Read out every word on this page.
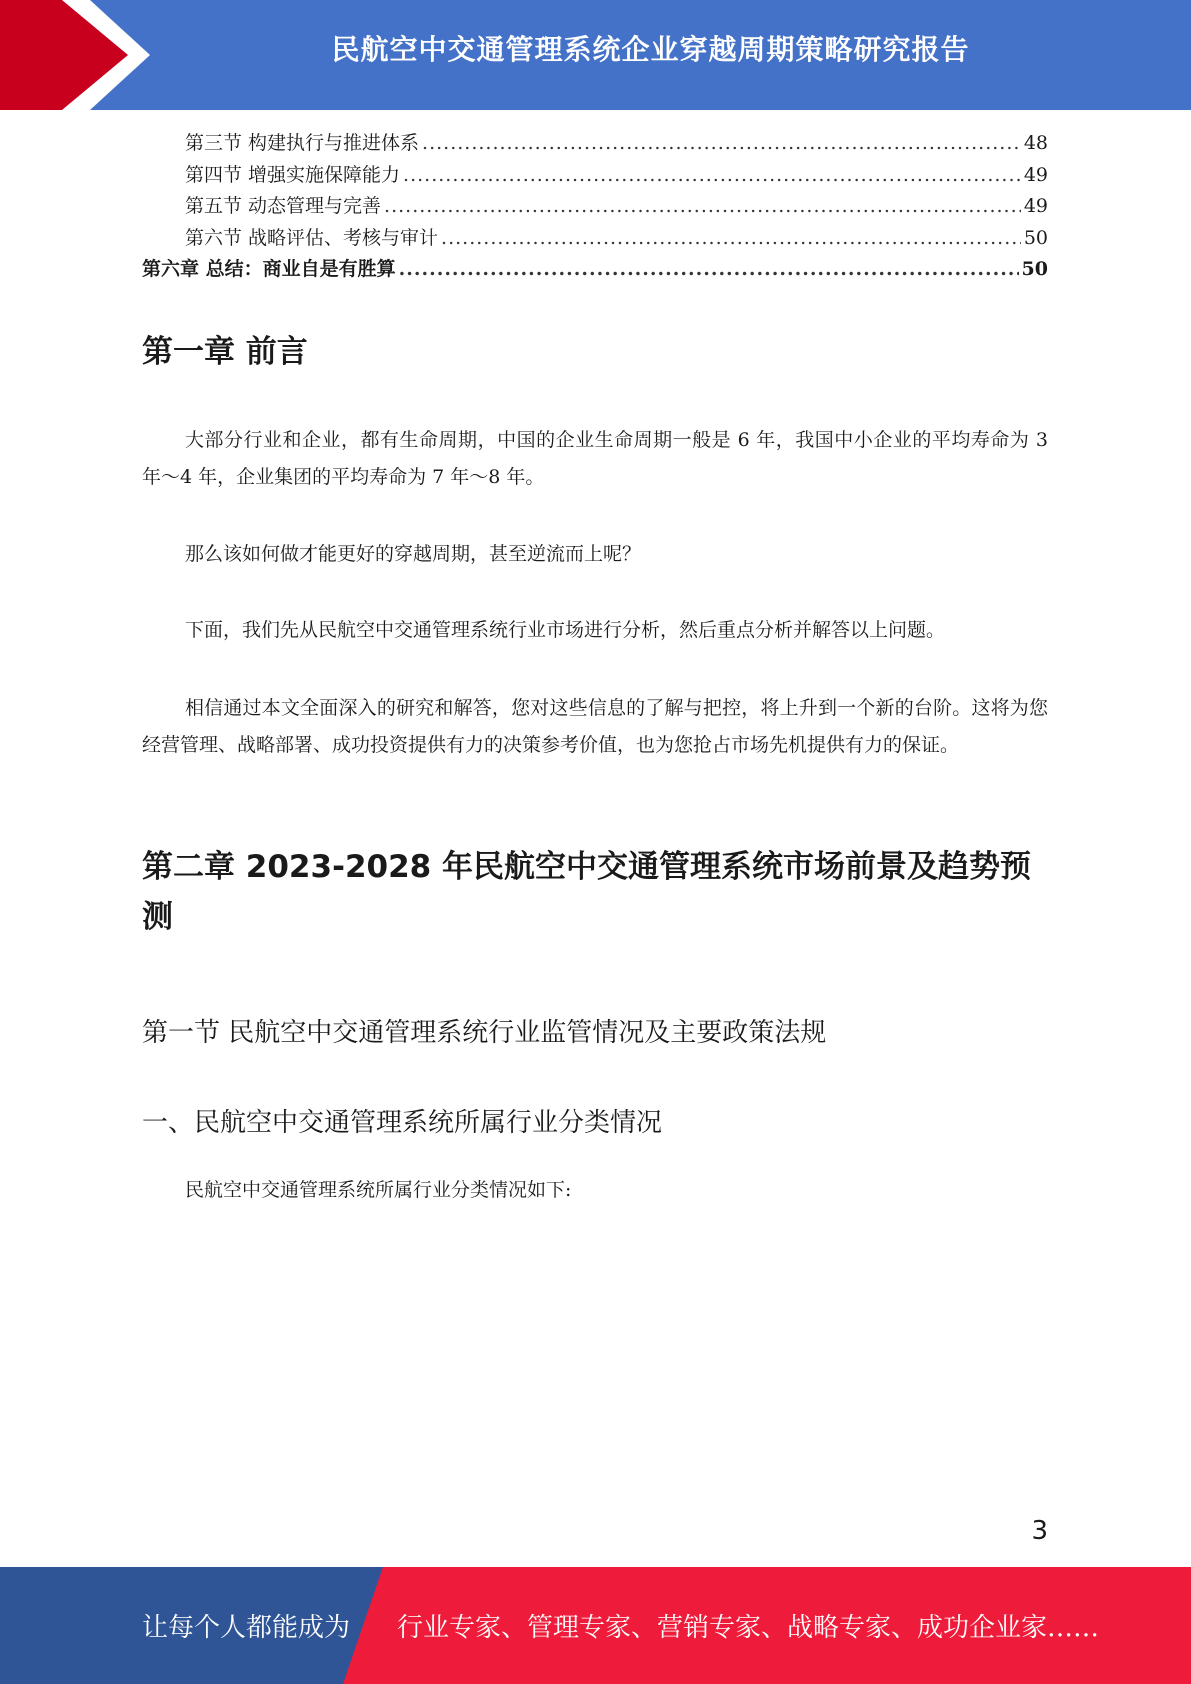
民航空中交通管理系统企业穿越周期策略研究报告
第三节 构建执行与推进体系 .....	48
第四节 增强实施保障能力 .....	49
第五节 动态管理与完善 .....	49
第六节 战略评估、考核与审计 .....	50
第六章 总结：商业自是有胜算 .....	50
第一章 前言

大部分行业和企业，都有生命周期，中国的企业生命周期一般是 6 年，我国中小企业的平均寿命为 3 年～4 年，企业集团的平均寿命为 7 年～8 年。

那么该如何做才能更好的穿越周期，甚至逆流而上呢？

下面，我们先从民航空中交通管理系统行业市场进行分析，然后重点分析并解答以上问题。

相信通过本文全面深入的研究和解答，您对这些信息的了解与把控，将上升到一个新的台阶。这将为您经营管理、战略部署、成功投资提供有力的决策参考价值，也为您抢占市场先机提供有力的保证。

第二章 2023-2028 年民航空中交通管理系统市场前景及趋势预测
第一节 民航空中交通管理系统行业监管情况及主要政策法规
一、民航空中交通管理系统所属行业分类情况

民航空中交通管理系统所属行业分类情况如下:

3
让每个人都能成为 行业专家、管理专家、营销专家、战略专家、成功企业家……
